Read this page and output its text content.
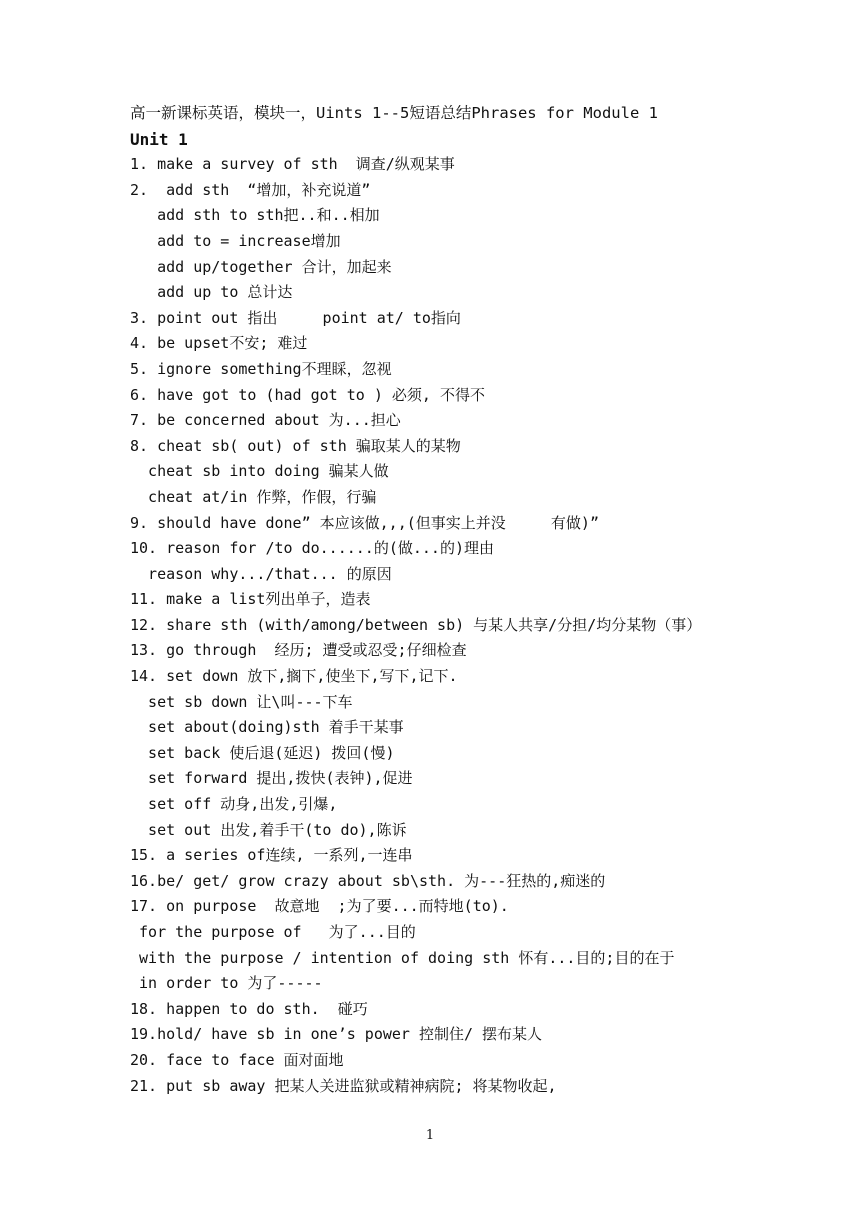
高一新课标英语，模块一，Uints 1--5短语总结Phrases for Module 1
Unit 1
1. make a survey of sth  调查/纵观某事
2.  add sth  “增加，补充说道”
add sth to sth把..和..相加
add to = increase增加
add up/together 合计，加起来
add up to 总计达
3. point out 指出     point at/ to指向
4. be upset不安; 难过
5. ignore something不理睬，忽视
6. have got to (had got to ) 必须, 不得不
7. be concerned about 为...担心
8. cheat sb( out) of sth 骗取某人的某物
cheat sb into doing 骗某人做
cheat at/in 作弊，作假，行骗
9. should have done” 本应该做,,,(但事实上并没     有做)”
10. reason for /to do......的(做...的)理由
reason why.../that... 的原因
11. make a list列出单子，造表
12. share sth (with/among/between sb) 与某人共享/分担/均分某物（事）
13. go through  经历; 遭受或忍受;仔细检查
14. set down 放下,搁下,使坐下,写下,记下.
set sb down 让\叫---下车
set about(doing)sth 着手干某事
set back 使后退(延迟) 拨回(慢)
set forward 提出,拨快(表钟),促进
set off 动身,出发,引爆,
set out 出发,着手干(to do),陈诉
15. a series of连续, 一系列,一连串
16.be/ get/ grow crazy about sb\sth. 为---狂热的,痴迷的
17. on purpose  故意地  ;为了要...而特地(to).
for the purpose of   为了...目的
with the purpose / intention of doing sth 怀有...目的;目的在于
in order to 为了-----
18. happen to do sth.  碰巧
19.hold/ have sb in one’s power 控制住/ 摆布某人
20. face to face 面对面地
21. put sb away 把某人关进监狱或精神病院; 将某物收起,
1
